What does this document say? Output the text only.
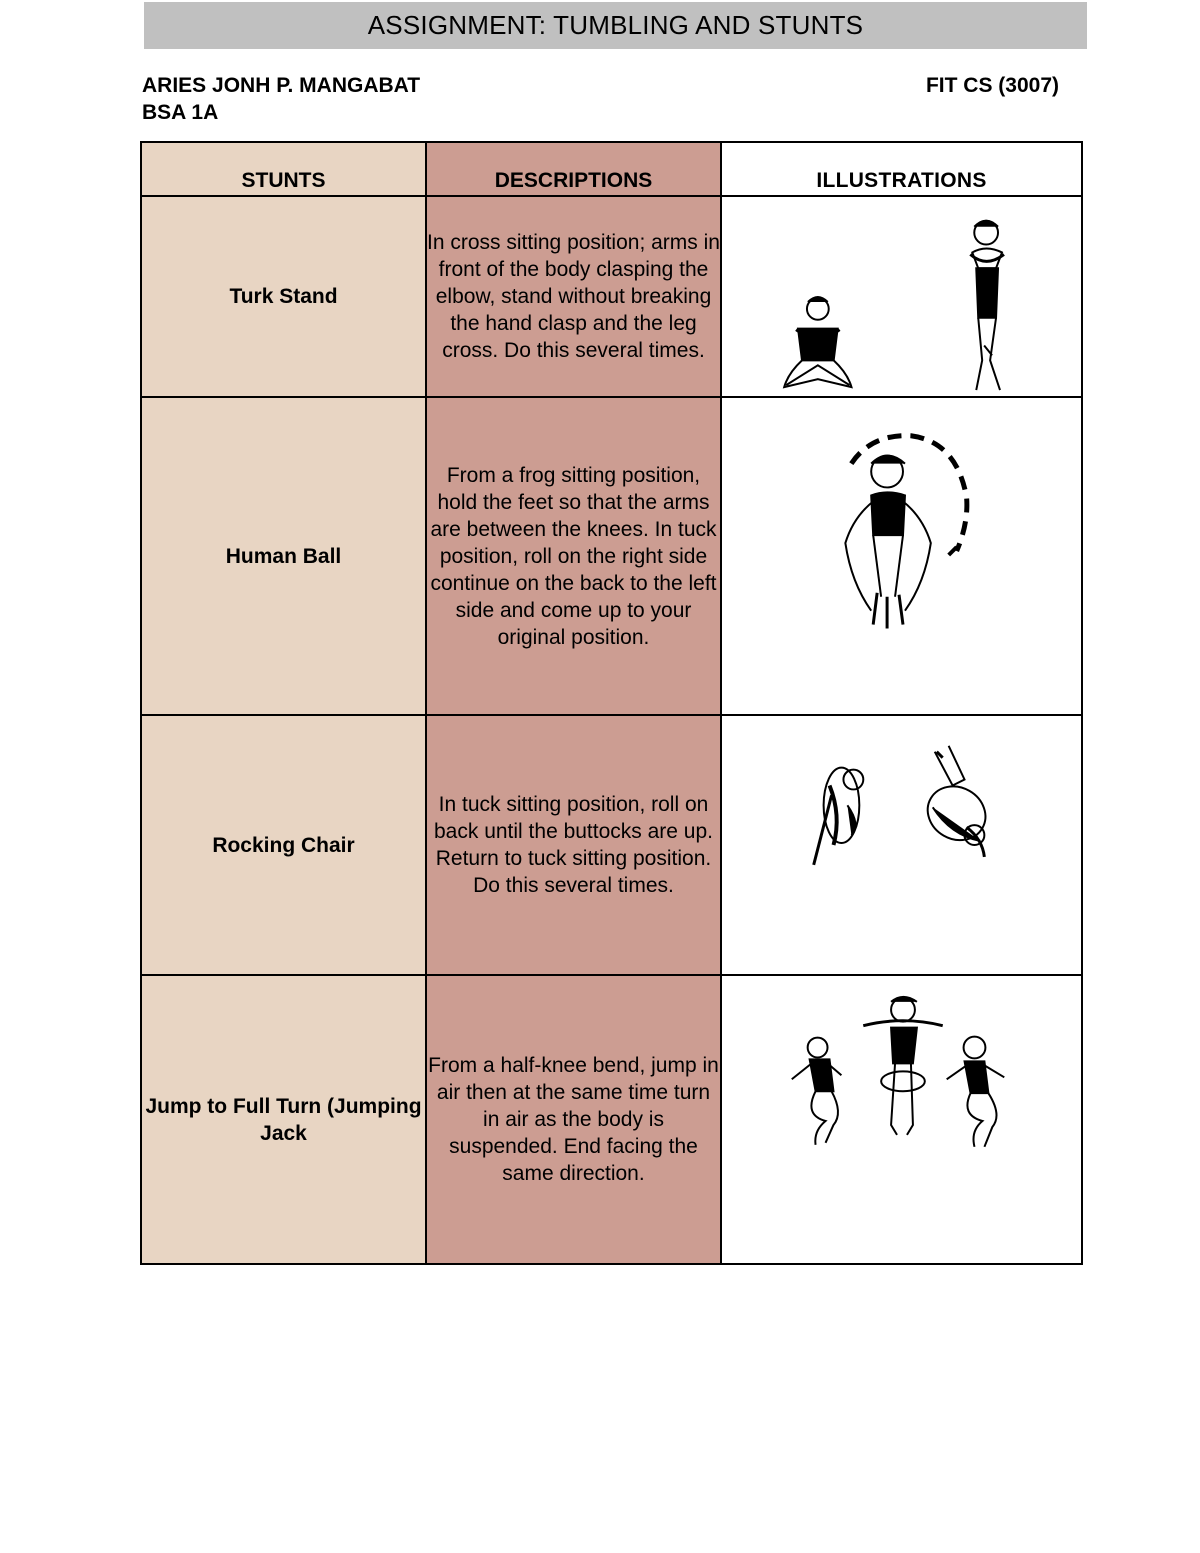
ASSIGNMENT: TUMBLING AND STUNTS
ARIES JONH P. MANGABAT
BSA 1A
FIT CS (3007)
STUNTS	DESCRIPTIONS	ILLUSTRATIONS
Turk Stand	In cross sitting position; arms in front of the body clasping the elbow, stand without breaking the hand clasp and the leg cross. Do this several times.

Human Ball	From a frog sitting position, hold the feet so that the arms are between the knees. In tuck position, roll on the right side continue on the back to the left side and come up to your original position.

Rocking Chair	In tuck sitting position, roll on back until the buttocks are up. Return to tuck sitting position. Do this several times.

Jump to Full Turn (Jumping Jack	From a half-knee bend, jump in air then at the same time turn in air as the body is suspended. End facing the same direction.
